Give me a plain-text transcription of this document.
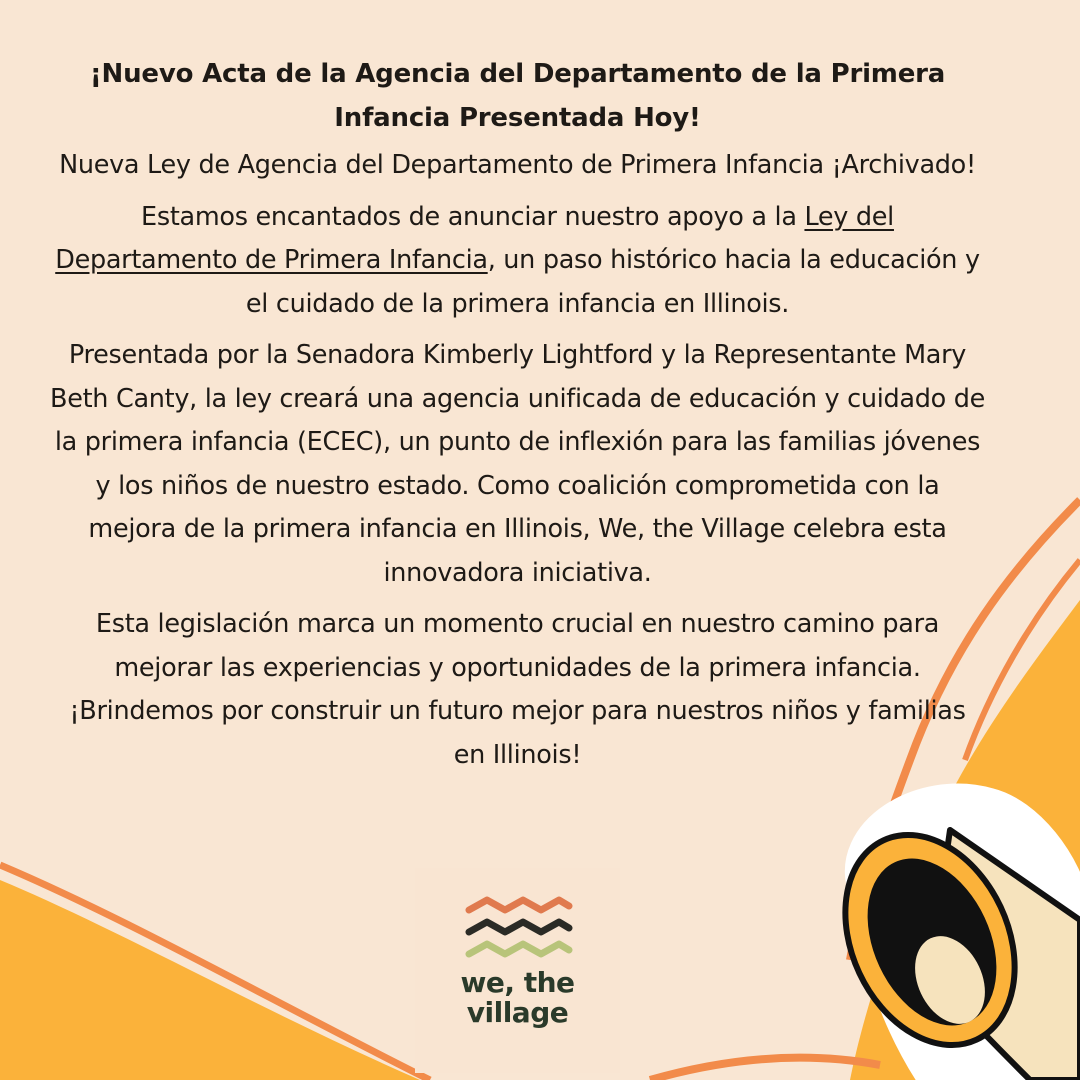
¡Nuevo Acta de la Agencia del Departamento de la Primera Infancia Presentada Hoy!

Nueva Ley de Agencia del Departamento de Primera Infancia ¡Archivado!

Estamos encantados de anunciar nuestro apoyo a la Ley del Departamento de Primera Infancia, un paso histórico hacia la educación y el cuidado de la primera infancia en Illinois.

Presentada por la Senadora Kimberly Lightford y la Representante Mary Beth Canty, la ley creará una agencia unificada de educación y cuidado de la primera infancia (ECEC), un punto de inflexión para las familias jóvenes y los niños de nuestro estado. Como coalición comprometida con la mejora de la primera infancia en Illinois, We, the Village celebra esta innovadora iniciativa.

Esta legislación marca un momento crucial en nuestro camino para mejorar las experiencias y oportunidades de la primera infancia. ¡Brindemos por construir un futuro mejor para nuestros niños y familias en Illinois!

we, the
village
